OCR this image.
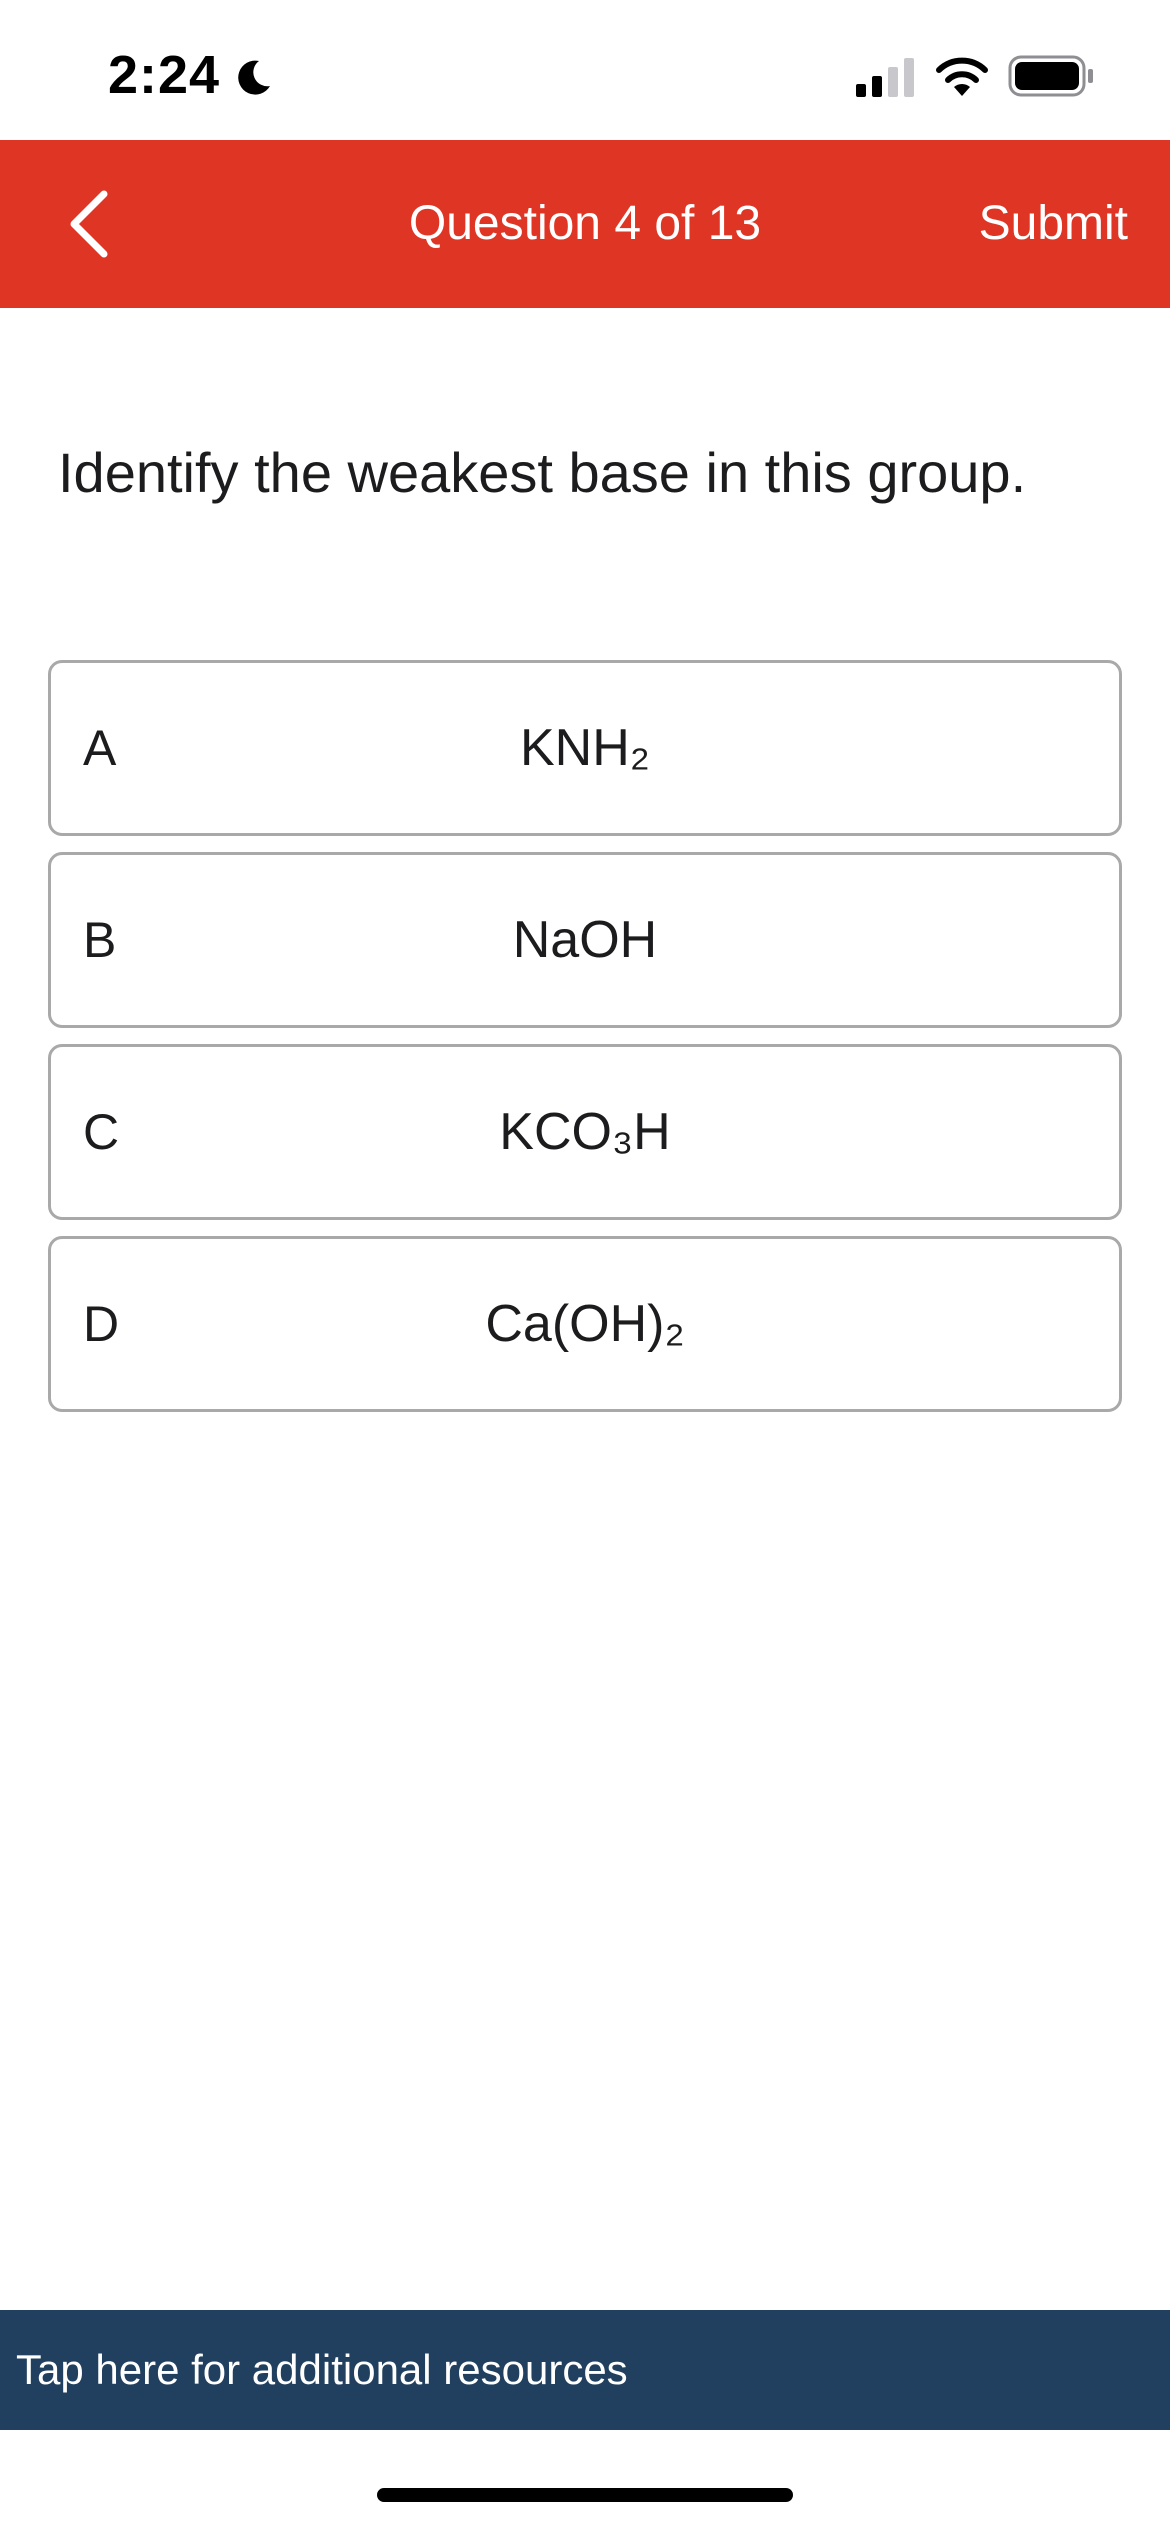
2:24
Question 4 of 13	Submit
Identify the weakest base in this group.
A	KNH₂
B	NaOH
C	KCO₃H
D	Ca(OH)₂
Tap here for additional resources
